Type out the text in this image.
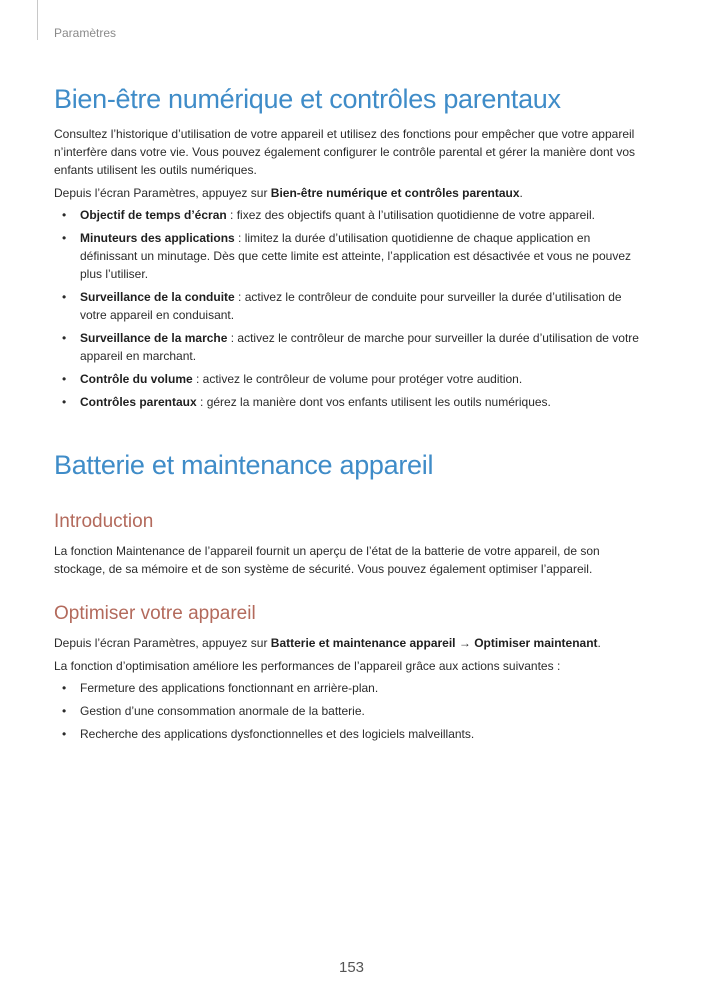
Paramètres
Bien-être numérique et contrôles parentaux

Consultez l’historique d’utilisation de votre appareil et utilisez des fonctions pour empêcher que votre appareil n’interfère dans votre vie. Vous pouvez également configurer le contrôle parental et gérer la manière dont vos enfants utilisent les outils numériques.

Depuis l’écran Paramètres, appuyez sur Bien-être numérique et contrôles parentaux.

• Objectif de temps d’écran : fixez des objectifs quant à l’utilisation quotidienne de votre appareil.
• Minuteurs des applications : limitez la durée d’utilisation quotidienne de chaque application en définissant un minutage. Dès que cette limite est atteinte, l’application est désactivée et vous ne pouvez plus l’utiliser.
• Surveillance de la conduite : activez le contrôleur de conduite pour surveiller la durée d’utilisation de votre appareil en conduisant.
• Surveillance de la marche : activez le contrôleur de marche pour surveiller la durée d’utilisation de votre appareil en marchant.
• Contrôle du volume : activez le contrôleur de volume pour protéger votre audition.
• Contrôles parentaux : gérez la manière dont vos enfants utilisent les outils numériques.
Batterie et maintenance appareil
Introduction

La fonction Maintenance de l’appareil fournit un aperçu de l’état de la batterie de votre appareil, de son stockage, de sa mémoire et de son système de sécurité. Vous pouvez également optimiser l’appareil.

Optimiser votre appareil

Depuis l’écran Paramètres, appuyez sur Batterie et maintenance appareil → Optimiser maintenant.

La fonction d’optimisation améliore les performances de l’appareil grâce aux actions suivantes :

• Fermeture des applications fonctionnant en arrière-plan.
• Gestion d’une consommation anormale de la batterie.
• Recherche des applications dysfonctionnelles et des logiciels malveillants.
153
